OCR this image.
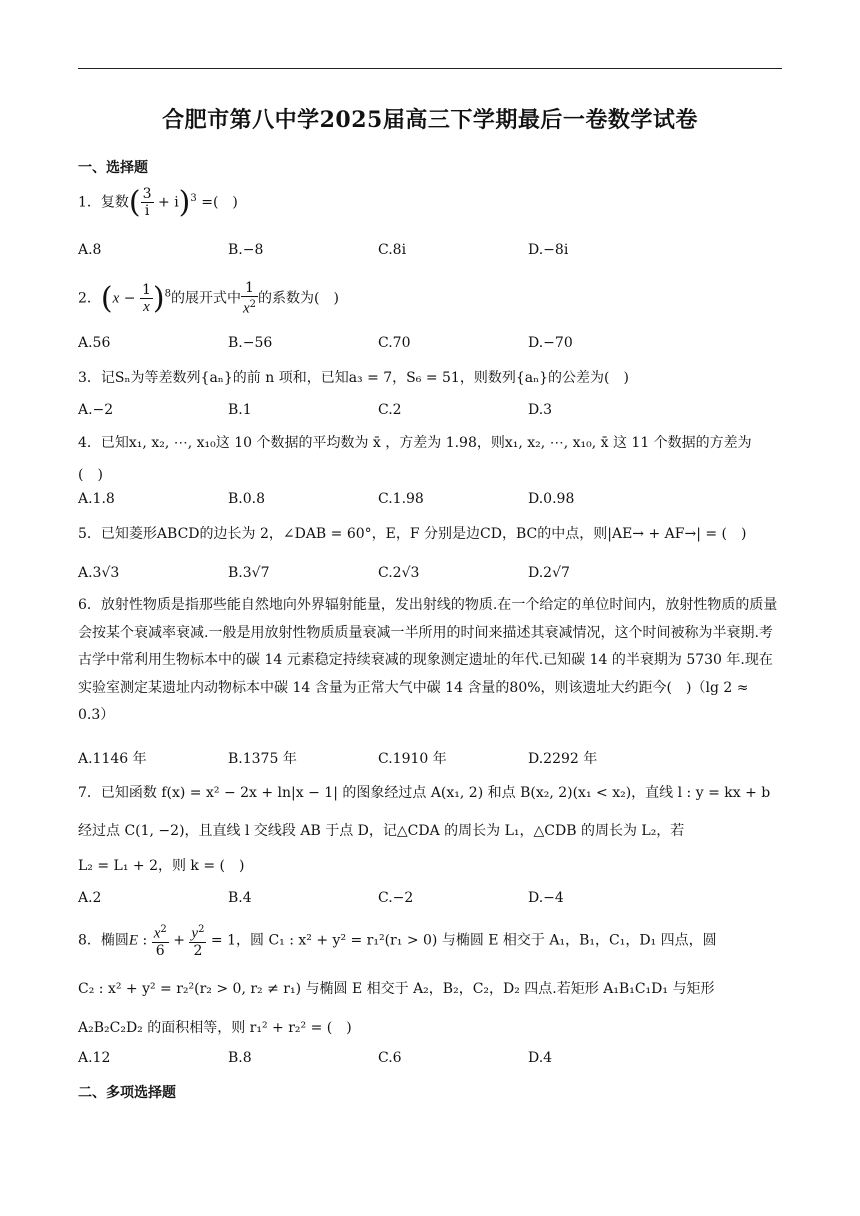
合肥市第八中学2025届高三下学期最后一卷数学试卷
一、选择题
1．复数( $\frac{3}{i} + i)^3$ =(　)
A.8	B.−8	C.8i	D.−8i
2．$(x - \frac{1}{x} )^8$的展开式中 $\frac{1}{x^2}$ 的系数为(　)
A.56	B.−56	C.70	D.−70
3．记Sₙ为等差数列{aₙ}的前 n 项和，已知a₃ = 7，S₆ = 51，则数列{aₙ}的公差为(　)
A.−2	B.1	C.2	D.3
4．已知x₁, x₂, ⋯, x₁₀这 10 个数据的平均数为 x̄ ，方差为 1.98，则x₁, x₂, ⋯, x₁₀, x̄ 这 11 个数据的方差为
(　)
A.1.8	B.0.8	C.1.98	D.0.98
5．已知菱形ABCD的边长为 2，∠DAB = 60°，E，F 分别是边CD，BC的中点，则|AE→ + AF→| = (　)
A.3√3	B.3√7	C.2√3	D.2√7
6．放射性物质是指那些能自然地向外界辐射能量，发出射线的物质.在一个给定的单位时间内，放射性物质的质量会按某个衰减率衰减.一般是用放射性物质质量衰减一半所用的时间来描述其衰减情况，这个时间被称为半衰期.考古学中常利用生物标本中的碳 14 元素稳定持续衰减的现象测定遗址的年代.已知碳 14 的半衰期为 5730 年.现在实验室测定某遗址内动物标本中碳 14 含量为正常大气中碳 14 含量的80%，则该遗址大约距今(　)（lg 2 ≈ 0.3）
A.1146 年	B.1375 年	C.1910 年	D.2292 年
7．已知函数 f(x) = x² − 2x + ln|x − 1| 的图象经过点 A(x₁, 2) 和点 B(x₂, 2)(x₁ < x₂)，直线 l : y = kx + b
经过点 C(1, −2)，且直线 l 交线段 AB 于点 D，记△CDA 的周长为 L₁，△CDB 的周长为 L₂，若
L₂ = L₁ + 2，则 k = (　)
A.2	B.4	C.−2	D.−4
8．椭圆E : $\frac{x^2}{6} + \frac{y^2}{2} = 1$，圆 C₁ : x² + y² = r₁²(r₁ > 0) 与椭圆 E 相交于 A₁，B₁，C₁，D₁ 四点，圆
C₂ : x² + y² = r₂²(r₂ > 0, r₂ ≠ r₁) 与椭圆 E 相交于 A₂，B₂，C₂，D₂ 四点.若矩形 A₁B₁C₁D₁ 与矩形
A₂B₂C₂D₂ 的面积相等，则 r₁² + r₂² = (　)
A.12	B.8	C.6	D.4
二、多项选择题
